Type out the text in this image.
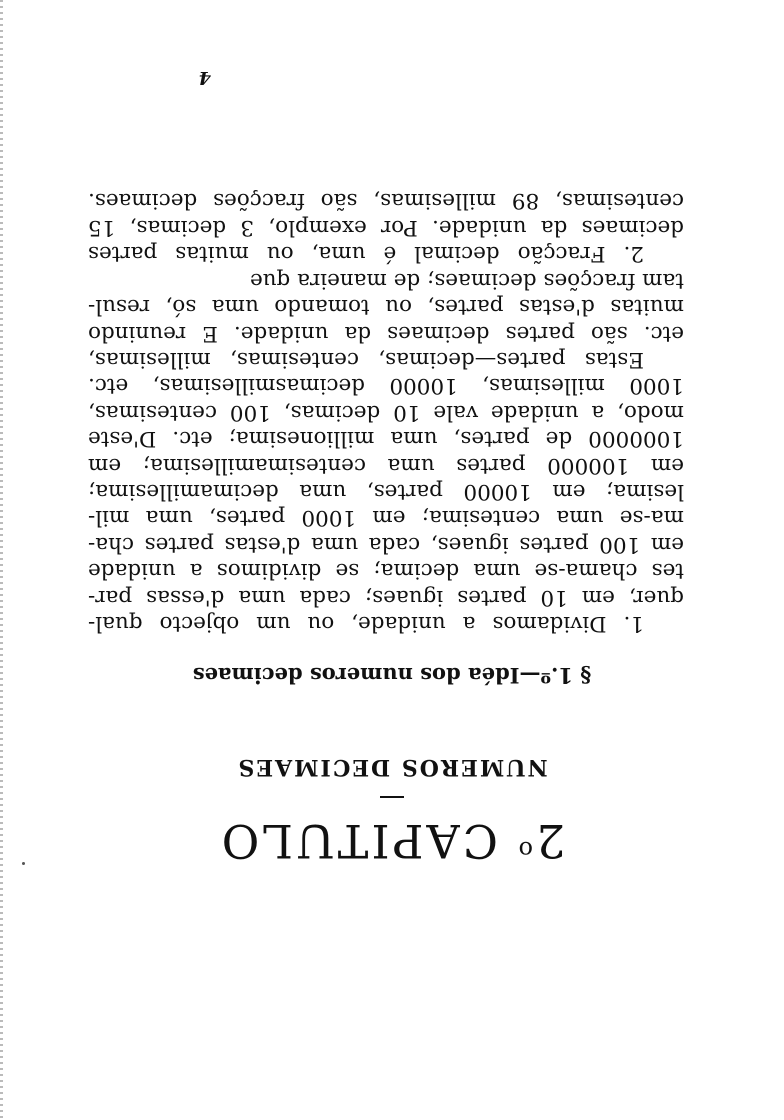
2$^o$ CAPITULO
NUMEROS DECIMAES
§ 1.º—Idéa dos numeros decimaes
1. Dividamos a unidade, ou um objecto qual-
quer, em 10 partes iguaes; cada uma d'essas par-
tes chama-se uma decima; se dividimos a unidade
em 100 partes iguaes, cada uma d'estas partes cha-
ma-se uma centesima; em 1000 partes, uma mil-
lesima; em 10000 partes, uma decimamillesima;
em 100000 partes uma centesimamillesima; em
1000000 de partes, uma millionesima; etc. D'este
modo, a unidade vale 10 decimas, 100 centesimas,
1000 millesimas, 10000 decimasmillesimas, etc.
Estas partes—decimas, centesimas, millesimas,
etc. são partes decimaes da unidade. E reunindo
muitas d'estas partes, ou tomando uma só, resul-
tam fracções decimaes; de maneira que
2. Fracção decimal é uma, ou muitas partes
decimaes da unidade. Por exemplo, 3 decimas, 15
centesimas, 89 millesimas, são fracções decimaes.
4
